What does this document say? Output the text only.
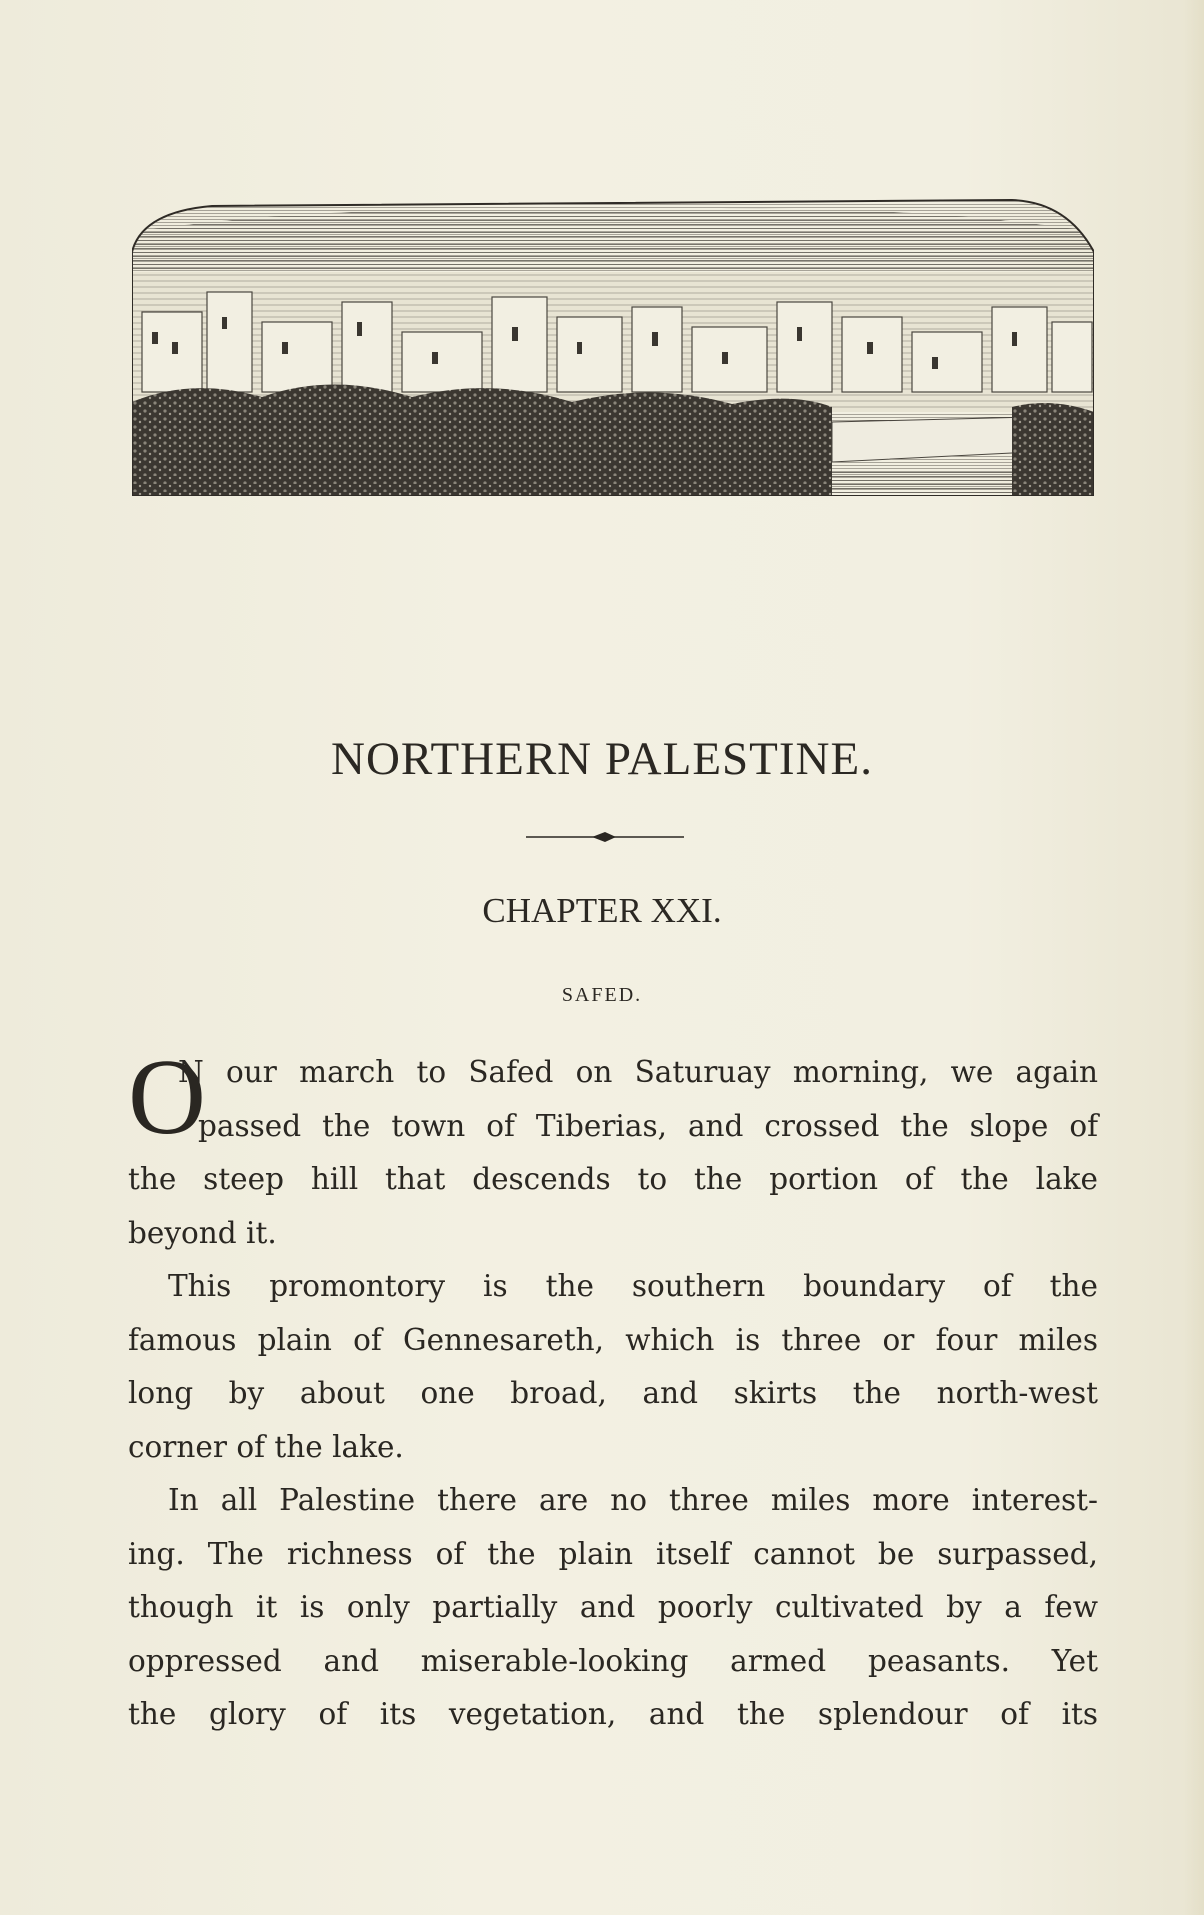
NORTHERN PALESTINE.
CHAPTER XXI.
SAFED.
O

N our march to Safed on Saturuay morning, we again
passed the town of Tiberias, and crossed the slope of
the steep hill that descends to the portion of the lake
beyond it.

This promontory is the southern boundary of the
famous plain of Gennesareth, which is three or four miles
long by about one broad, and skirts the north-west
corner of the lake.

In all Palestine there are no three miles more interest-
ing. The richness of the plain itself cannot be surpassed,
though it is only partially and poorly cultivated by a few
oppressed and miserable-looking armed peasants. Yet
the glory of its vegetation, and the splendour of its
